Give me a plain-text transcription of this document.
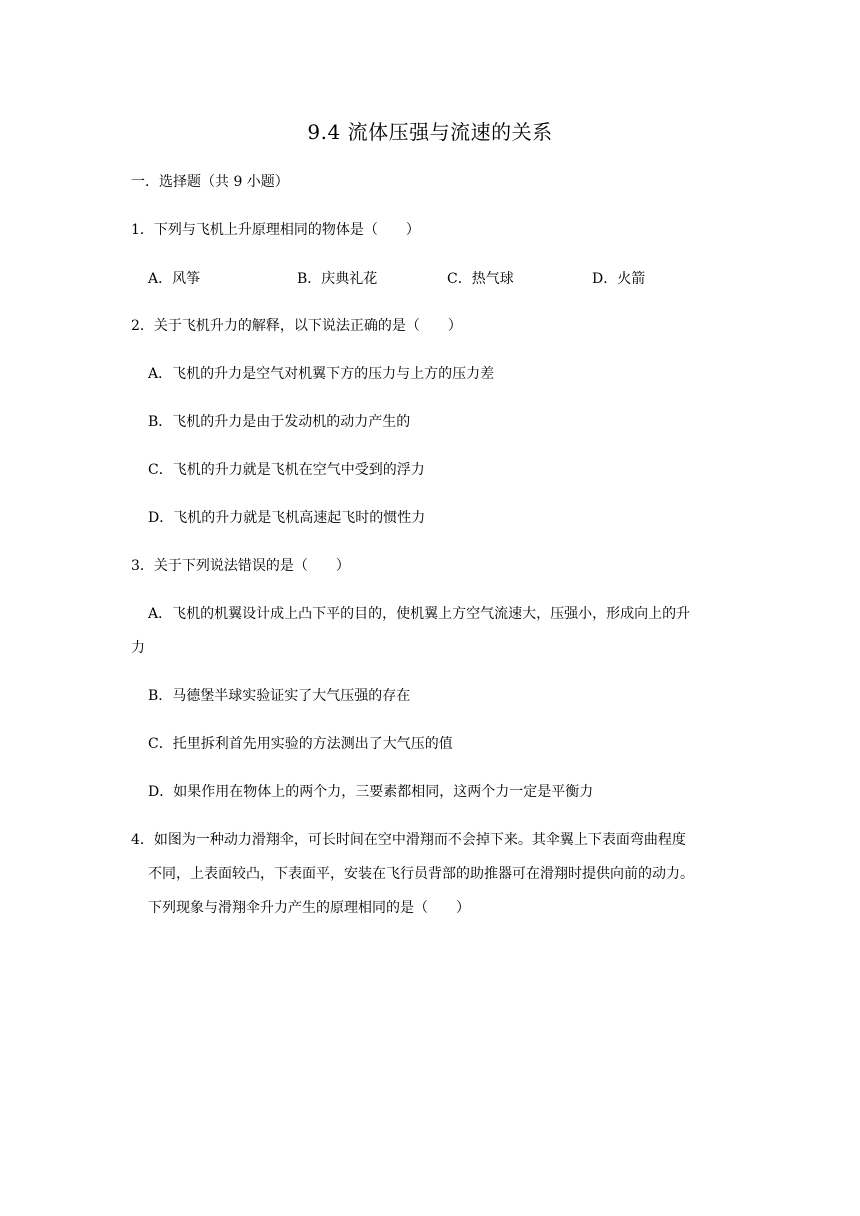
9.4 流体压强与流速的关系
一．选择题（共 9 小题）
1．下列与飞机上升原理相同的物体是（　　）
A．风筝	B．庆典礼花	C．热气球	D．火箭
2．关于飞机升力的解释，以下说法正确的是（　　）
A．飞机的升力是空气对机翼下方的压力与上方的压力差
B．飞机的升力是由于发动机的动力产生的
C．飞机的升力就是飞机在空气中受到的浮力
D．飞机的升力就是飞机高速起飞时的惯性力
3．关于下列说法错误的是（　　）
A．飞机的机翼设计成上凸下平的目的，使机翼上方空气流速大，压强小，形成向上的升
力
B．马德堡半球实验证实了大气压强的存在
C．托里拆利首先用实验的方法测出了大气压的值
D．如果作用在物体上的两个力，三要素都相同，这两个力一定是平衡力
4．如图为一种动力滑翔伞，可长时间在空中滑翔而不会掉下来。其伞翼上下表面弯曲程度
不同，上表面较凸，下表面平，安装在飞行员背部的助推器可在滑翔时提供向前的动力。
下列现象与滑翔伞升力产生的原理相同的是（　　）
